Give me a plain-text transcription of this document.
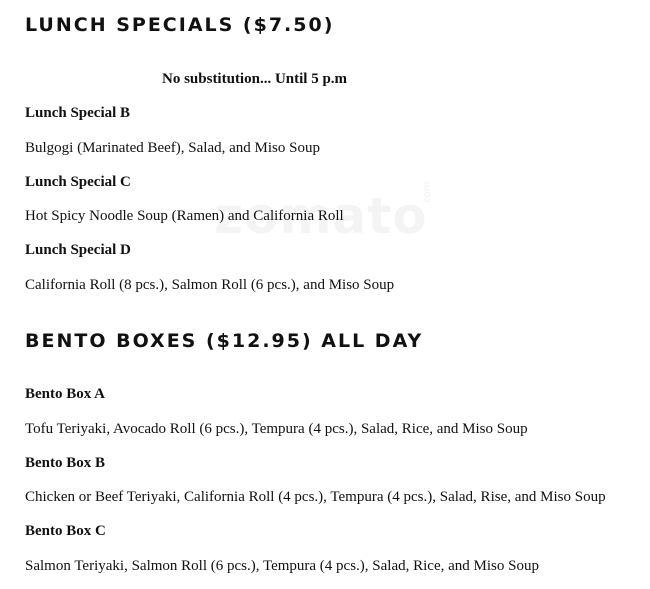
.com
LUNCH SPECIALS ($7.50)
No substitution... Until 5 p.m
Lunch Special B
Bulgogi (Marinated Beef), Salad, and Miso Soup
Lunch Special C
Hot Spicy Noodle Soup (Ramen) and California Roll
Lunch Special D
California Roll (8 pcs.), Salmon Roll (6 pcs.), and Miso Soup
BENTO BOXES ($12.95) ALL DAY
Bento Box A
Tofu Teriyaki, Avocado Roll (6 pcs.), Tempura (4 pcs.), Salad, Rice, and Miso Soup
Bento Box B
Chicken or Beef Teriyaki, California Roll (4 pcs.), Tempura (4 pcs.), Salad, Rise, and Miso Soup
Bento Box C
Salmon Teriyaki, Salmon Roll (6 pcs.), Tempura (4 pcs.), Salad, Rice, and Miso Soup
